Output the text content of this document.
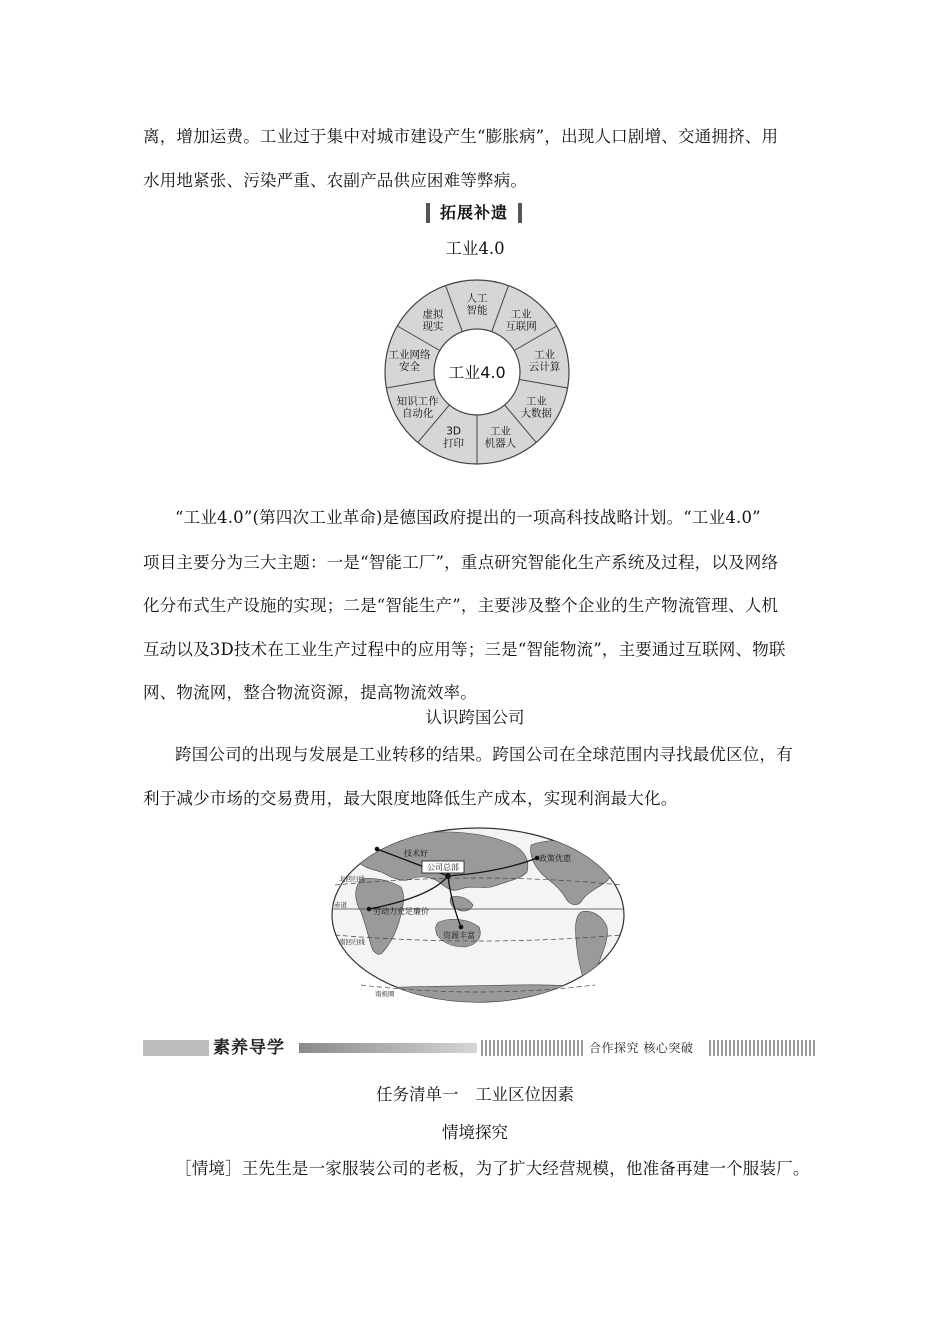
离，增加运费。工业过于集中对城市建设产生“膨胀病”，出现人口剧增、交通拥挤、用
水用地紧张、污染严重、农副产品供应困难等弊病。
拓展补遗
工业4.0
人工
智能 工业
互联网
工业
云计算
工业
大数据
工业
机器人
3D
打印
知识工作
自动化
工业网络
安全
虚拟
现实
工业4.0
“工业4.0”(第四次工业革命)是德国政府提出的一项高科技战略计划。“工业4.0”
项目主要分为三大主题：一是“智能工厂”，重点研究智能化生产系统及过程，以及网络
化分布式生产设施的实现；二是“智能生产”，主要涉及整个企业的生产物流管理、人机
互动以及3D技术在工业生产过程中的应用等；三是“智能物流”，主要通过互联网、物联
网、物流网，整合物流资源，提高物流效率。
认识跨国公司
跨国公司的出现与发展是工业转移的结果。跨国公司在全球范围内寻找最优区位，有
利于减少市场的交易费用，最大限度地降低生产成本，实现利润最大化。
公司总部
技术好
政策优惠
劳动力充足廉价
资源丰富
北回归线
赤道
南回归线
南极圈
素养导学	合作探究 核心突破
任务清单一　工业区位因素
情境探究
［情境］王先生是一家服装公司的老板，为了扩大经营规模，他准备再建一个服装厂。
